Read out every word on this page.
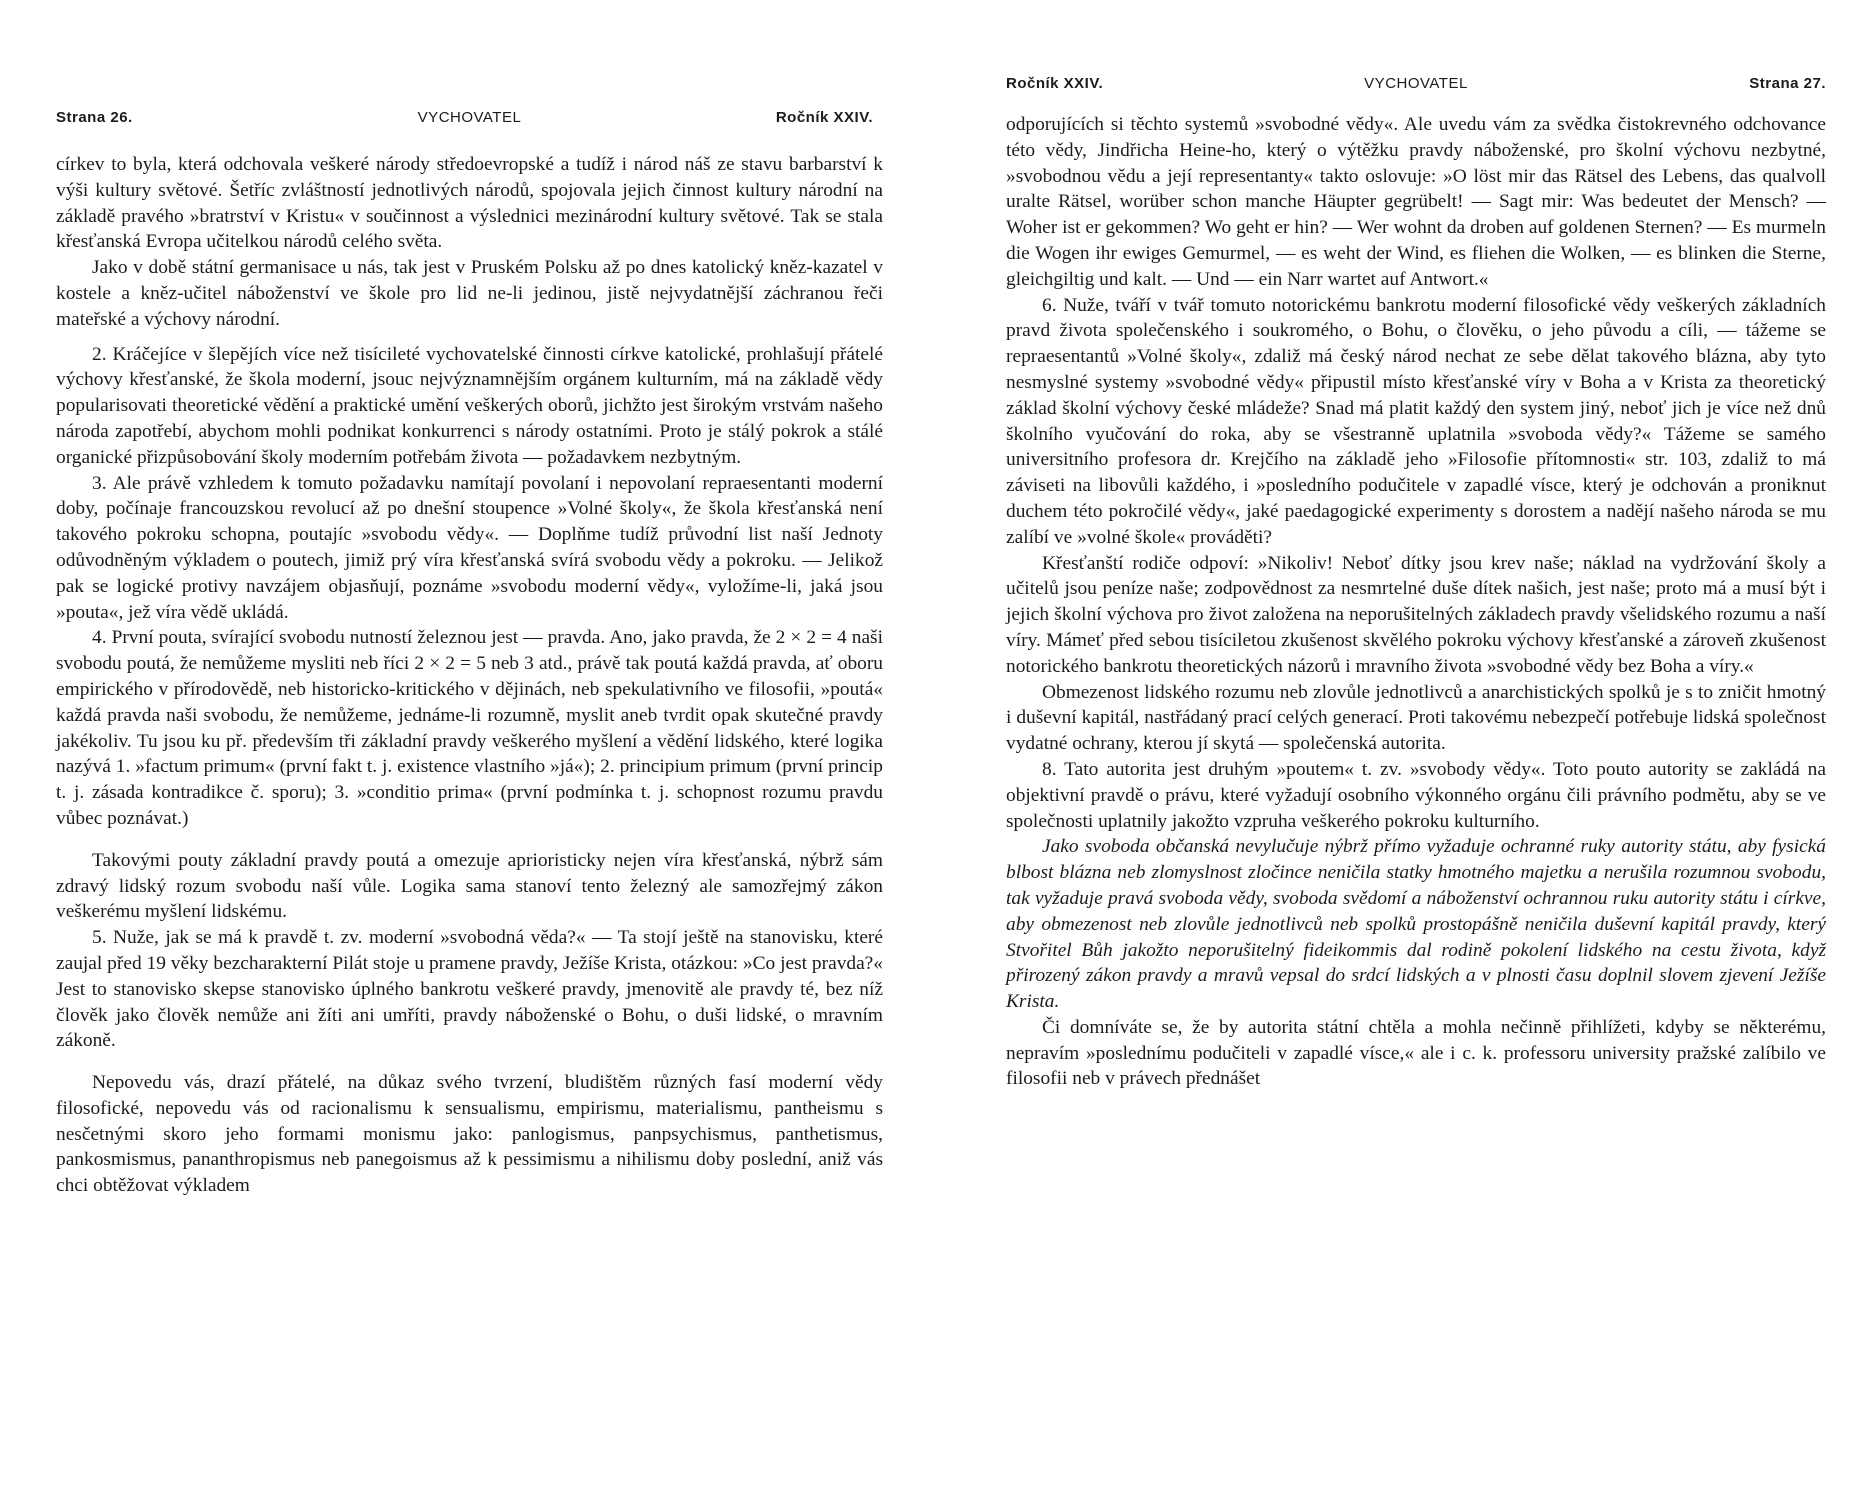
Strana 26.	VYCHOVATEL	Ročník XXIV.

církev to byla, která odchovala veškeré národy středoevropské a tudíž i národ náš ze stavu barbarství k výši kultury světové. Šetříc zvláštností jednotlivých národů, spojovala jejich činnost kultury národní na základě pravého »bratrství v Kristu« v součinnost a výslednici mezinárodní kultury světové. Tak se stala křesťanská Evropa učitelkou národů celého světa.

Jako v době státní germanisace u nás, tak jest v Pruském Polsku až po dnes katolický kněz-kazatel v kostele a kněz-učitel náboženství ve škole pro lid ne-li jedinou, jistě nejvydatnější záchranou řeči mateřské a výchovy národní.

2. Kráčejíce v šlepějích více než tisícileté vychovatelské činnosti církve katolické, prohlašují přátelé výchovy křesťanské, že škola moderní, jsouc nejvýznamnějším orgánem kulturním, má na základě vědy popularisovati theoretické vědění a praktické umění veškerých oborů, jichžto jest širokým vrstvám našeho národa zapotřebí, abychom mohli podnikat konkurrenci s národy ostatními. Proto je stálý pokrok a stálé organické přizpůsobování školy moderním potřebám života — požadavkem nezbytným.

3. Ale právě vzhledem k tomuto požadavku namítají povolaní i nepovolaní repraesentanti moderní doby, počínaje francouzskou revolucí až po dnešní stoupence »Volné školy«, že škola křesťanská není takového pokroku schopna, poutajíc »svobodu vědy«. — Doplňme tudíž průvodní list naší Jednoty odůvodněným výkladem o poutech, jimiž prý víra křesťanská svírá svobodu vědy a pokroku. — Jelikož pak se logické protivy navzájem objasňují, poznáme »svobodu moderní vědy«, vyložíme-li, jaká jsou »pouta«, jež víra vědě ukládá.

4. První pouta, svírající svobodu nutností železnou jest — pravda. Ano, jako pravda, že 2 × 2 = 4 naši svobodu poutá, že nemůžeme mysliti neb říci 2 × 2 = 5 neb 3 atd., právě tak poutá každá pravda, ať oboru empirického v přírodovědě, neb historicko-kritického v dějinách, neb spekulativního ve filosofii, »poutá« každá pravda naši svobodu, že nemůžeme, jednáme-li rozumně, myslit aneb tvrdit opak skutečné pravdy jakékoliv. Tu jsou ku př. především tři základní pravdy veškerého myšlení a vědění lidského, které logika nazývá 1. »factum primum« (první fakt t. j. existence vlastního »já«); 2. principium primum (první princip t. j. zásada kontradikce č. sporu); 3. »conditio prima« (první podmínka t. j. schopnost rozumu pravdu vůbec poznávat.)

Takovými pouty základní pravdy poutá a omezuje aprioristicky nejen víra křesťanská, nýbrž sám zdravý lidský rozum svobodu naší vůle. Logika sama stanoví tento železný ale samozřejmý zákon veškerému myšlení lidskému.

5. Nuže, jak se má k pravdě t. zv. moderní »svobodná věda?« — Ta stojí ještě na stanovisku, které zaujal před 19 věky bezcharakterní Pilát stoje u pramene pravdy, Ježíše Krista, otázkou: »Co jest pravda?« Jest to stanovisko skepse stanovisko úplného bankrotu veškeré pravdy, jmenovitě ale pravdy té, bez níž člověk jako člověk nemůže ani žíti ani umříti, pravdy náboženské o Bohu, o duši lidské, o mravním zákoně.

Nepovedu vás, drazí přátelé, na důkaz svého tvrzení, bludištěm různých fasí moderní vědy filosofické, nepovedu vás od racionalismu k sensualismu, empirismu, materialismu, pantheismu s nesčetnými skoro jeho formami monismu jako: panlogismus, panpsychismus, panthetismus, pankosmismus, pananthropismus neb panegoismus až k pessimismu a nihilismu doby poslední, aniž vás chci obtěžovat výkladem

Ročník XXIV.	VYCHOVATEL	Strana 27.

odporujících si těchto systemů »svobodné vědy«. Ale uvedu vám za svědka čistokrevného odchovance této vědy, Jindřicha Heine-ho, který o výtěžku pravdy náboženské, pro školní výchovu nezbytné, »svobodnou vědu a její representanty« takto oslovuje: »O löst mir das Rätsel des Lebens, das qualvoll uralte Rätsel, worüber schon manche Häupter gegrübelt! — Sagt mir: Was bedeutet der Mensch? — Woher ist er gekommen? Wo geht er hin? — Wer wohnt da droben auf goldenen Sternen? — Es murmeln die Wogen ihr ewiges Gemurmel, — es weht der Wind, es fliehen die Wolken, — es blinken die Sterne, gleichgiltig und kalt. — Und — ein Narr wartet auf Antwort.«

6. Nuže, tváří v tvář tomuto notorickému bankrotu moderní filosofické vědy veškerých základních pravd života společenského i soukromého, o Bohu, o člověku, o jeho původu a cíli, — tážeme se repraesentantů »Volné školy«, zdaliž má český národ nechat ze sebe dělat takového blázna, aby tyto nesmyslné systemy »svobodné vědy« připustil místo křesťanské víry v Boha a v Krista za theoretický základ školní výchovy české mládeže? Snad má platit každý den system jiný, neboť jich je více než dnů školního vyučování do roka, aby se všestranně uplatnila »svoboda vědy?« Tážeme se samého universitního profesora dr. Krejčího na základě jeho »Filosofie přítomnosti« str. 103, zdaliž to má záviseti na libovůli každého, i »posledního podučitele v zapadlé vísce, který je odchován a proniknut duchem této pokročilé vědy«, jaké paedagogické experimenty s dorostem a nadějí našeho národa se mu zalíbí ve »volné škole« prováděti?

Křesťanští rodiče odpoví: »Nikoliv! Neboť dítky jsou krev naše; náklad na vydržování školy a učitelů jsou peníze naše; zodpovědnost za nesmrtelné duše dítek našich, jest naše; proto má a musí být i jejich školní výchova pro život založena na neporušitelných základech pravdy všelidského rozumu a naší víry. Mámeť před sebou tisíciletou zkušenost skvělého pokroku výchovy křesťanské a zároveň zkušenost notorického bankrotu theoretických názorů i mravního života »svobodné vědy bez Boha a víry.«

Obmezenost lidského rozumu neb zlovůle jednotlivců a anarchistických spolků je s to zničit hmotný i duševní kapitál, nastřádaný prací celých generací. Proti takovému nebezpečí potřebuje lidská společnost vydatné ochrany, kterou jí skytá — společenská autorita.

8. Tato autorita jest druhým »poutem« t. zv. »svobody vědy«. Toto pouto autority se zakládá na objektivní pravdě o právu, které vyžadují osobního výkonného orgánu čili právního podmětu, aby se ve společnosti uplatnily jakožto vzpruha veškerého pokroku kulturního.

Jako svoboda občanská nevylučuje nýbrž přímo vyžaduje ochranné ruky autority státu, aby fysická blbost blázna neb zlomyslnost zločince neničila statky hmotného majetku a nerušila rozumnou svobodu, tak vyžaduje pravá svoboda vědy, svoboda svědomí a náboženství ochrannou ruku autority státu i církve, aby obmezenost neb zlovůle jednotlivců neb spolků prostopášně neničila duševní kapitál pravdy, který Stvořitel Bůh jakožto neporušitelný fideikommis dal rodině pokolení lidského na cestu života, když přirozený zákon pravdy a mravů vepsal do srdcí lidských a v plnosti času doplnil slovem zjevení Ježíše Krista.

Či domníváte se, že by autorita státní chtěla a mohla nečinně přihlížeti, kdyby se některému, nepravím »poslednímu podučiteli v zapadlé vísce,« ale i c. k. professoru university pražské zalíbilo ve filosofii neb v právech přednášet
